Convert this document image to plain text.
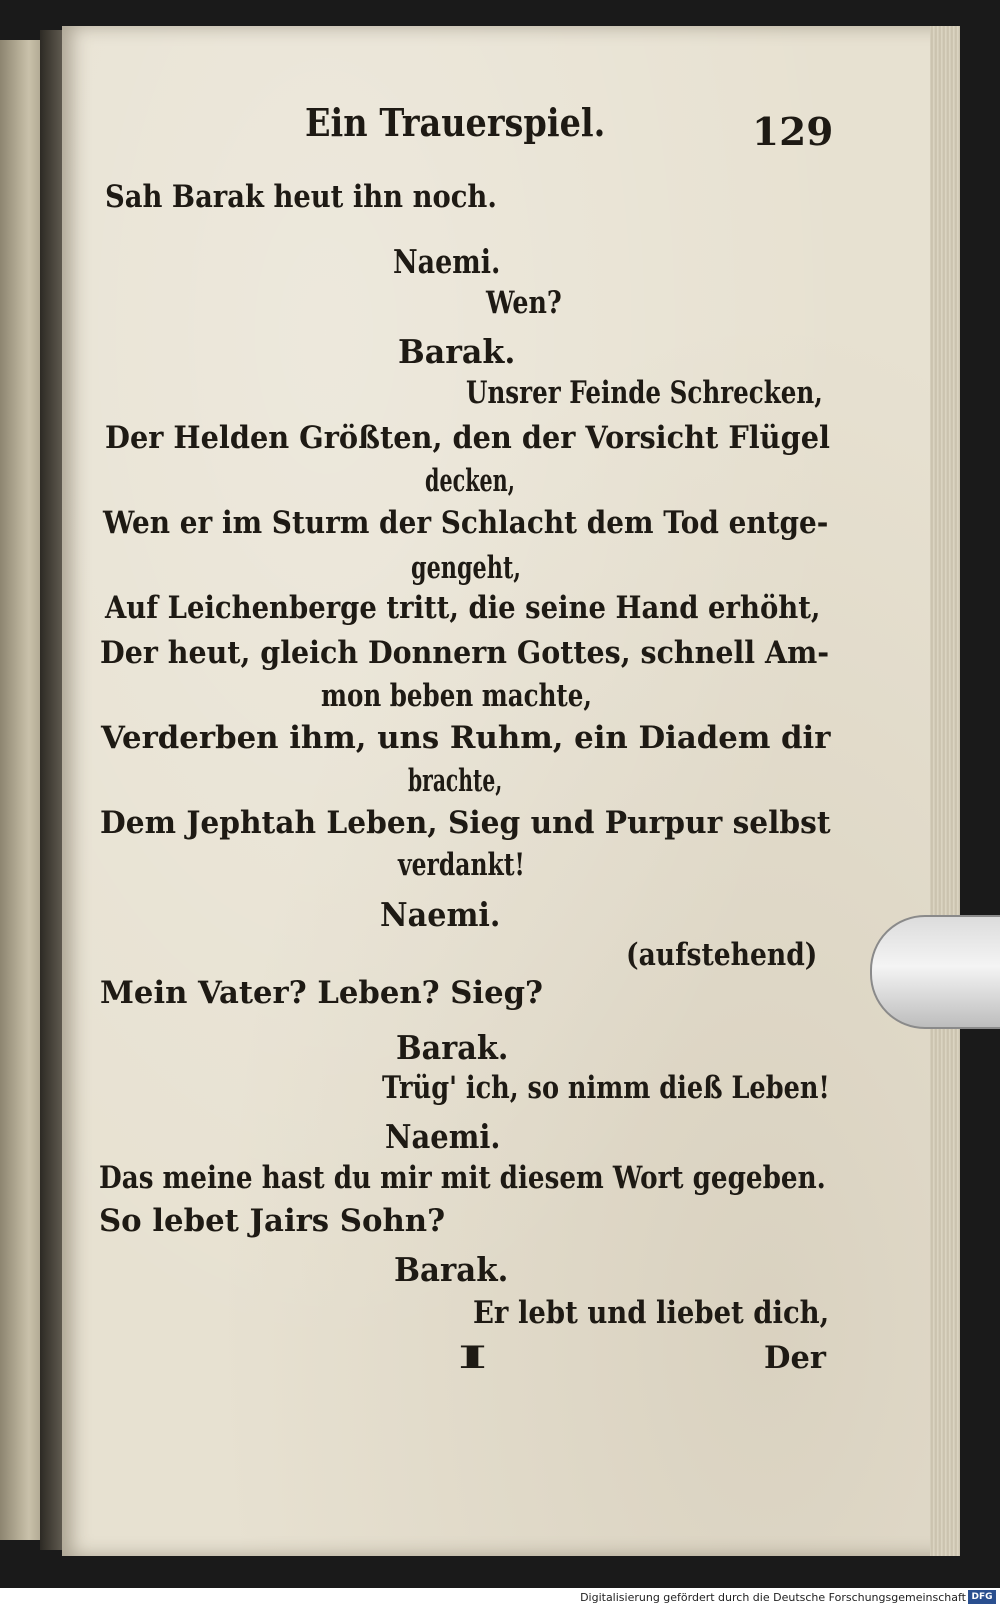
Ein Trauerspiel.	129
Sah Barak heut ihn noch.
Naemi.
Wen?
Barak.
Unsrer Feinde Schrecken,
Der Helden Größten, den der Vorsicht Flügel
decken,
Wen er im Sturm der Schlacht dem Tod entge-
gengeht,
Auf Leichenberge tritt, die seine Hand erhöht,
Der heut, gleich Donnern Gottes, schnell Am-
mon beben machte,
Verderben ihm, uns Ruhm, ein Diadem dir
brachte,
Dem Jephtah Leben, Sieg und Purpur selbst
verdankt!
Naemi.
(aufstehend)
Mein Vater? Leben? Sieg?
Barak.
Trüg' ich, so nimm dieß Leben!
Naemi.
Das meine hast du mir mit diesem Wort gegeben.
So lebet Jairs Sohn?
Barak.
Er lebt und liebet dich,
I	Der
Digitalisierung gefördert durch die Deutsche Forschungsgemeinschaft DFG
